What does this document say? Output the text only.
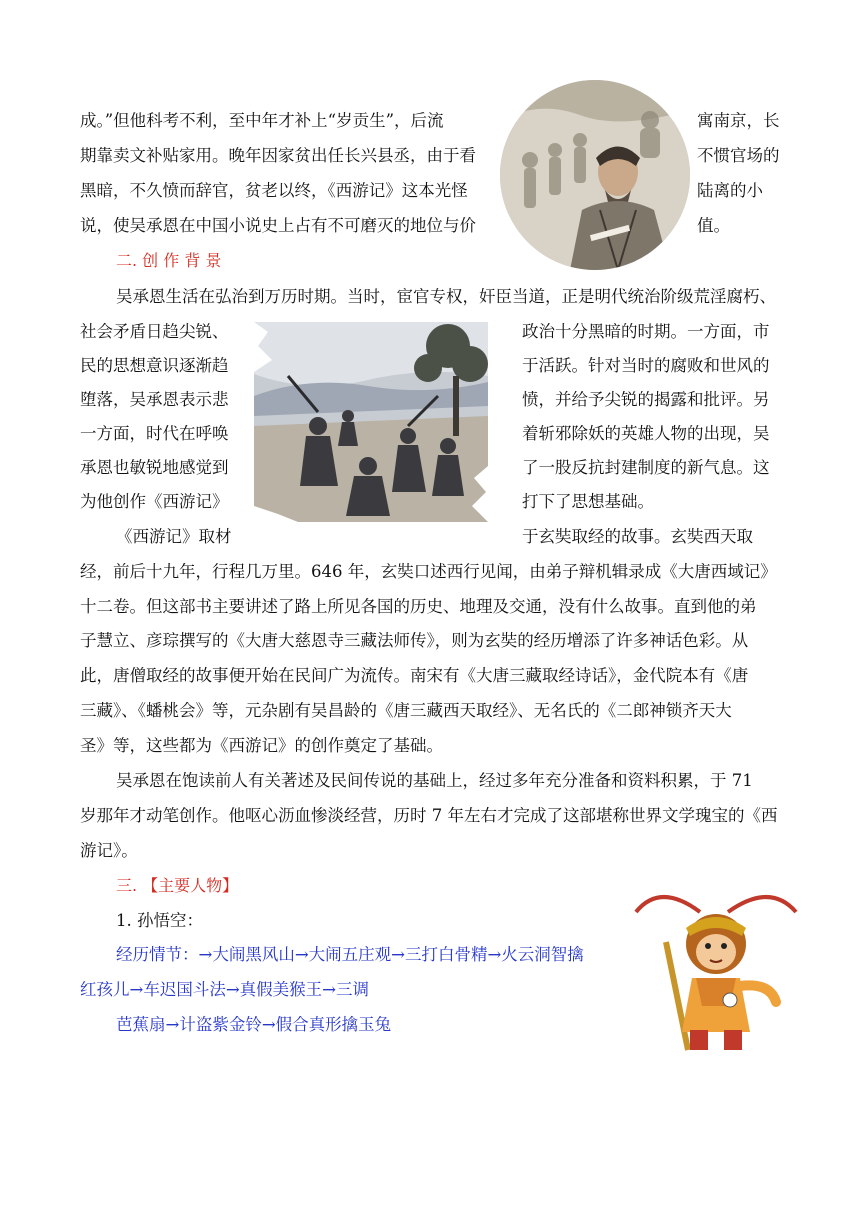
成。”但他科考不利，至中年才补上“岁贡生”，后流	寓南京，长
期靠卖文补贴家用。晚年因家贫出任长兴县丞，由于看	不惯官场的
黑暗，不久愤而辞官，贫老以终，《西游记》这本光怪	陆离的小
说，使吴承恩在中国小说史上占有不可磨灭的地位与价	值。
二. 创 作 背 景
吴承恩生活在弘治到万历时期。当时，宦官专权，奸臣当道，正是明代统治阶级荒淫腐朽、
社会矛盾日趋尖锐、	政治十分黑暗的时期。一方面，市
民的思想意识逐渐趋	于活跃。针对当时的腐败和世风的
堕落，吴承恩表示悲	愤，并给予尖锐的揭露和批评。另
一方面，时代在呼唤	着斩邪除妖的英雄人物的出现，吴
承恩也敏锐地感觉到	了一股反抗封建制度的新气息。这
为他创作《西游记》	打下了思想基础。
《西游记》取材	于玄奘取经的故事。玄奘西天取
经，前后十九年，行程几万里。646 年，玄奘口述西行见闻，由弟子辩机辑录成《大唐西域记》
十二卷。但这部书主要讲述了路上所见各国的历史、地理及交通，没有什么故事。直到他的弟
子慧立、彦琮撰写的《大唐大慈恩寺三藏法师传》，则为玄奘的经历增添了许多神话色彩。从
此，唐僧取经的故事便开始在民间广为流传。南宋有《大唐三藏取经诗话》，金代院本有《唐
三藏》、《蟠桃会》等，元杂剧有吴昌龄的《唐三藏西天取经》、无名氏的《二郎神锁齐天大
圣》等，这些都为《西游记》的创作奠定了基础。
吴承恩在饱读前人有关著述及民间传说的基础上，经过多年充分准备和资料积累，于 71
岁那年才动笔创作。他呕心沥血惨淡经营，历时 7 年左右才完成了这部堪称世界文学瑰宝的《西
游记》。
三. 【主要人物】
1. 孙悟空：
经历情节：→大闹黑风山→大闹五庄观→三打白骨精→火云洞智擒
红孩儿→车迟国斗法→真假美猴王→三调
芭蕉扇→计盗紫金铃→假合真形擒玉兔
